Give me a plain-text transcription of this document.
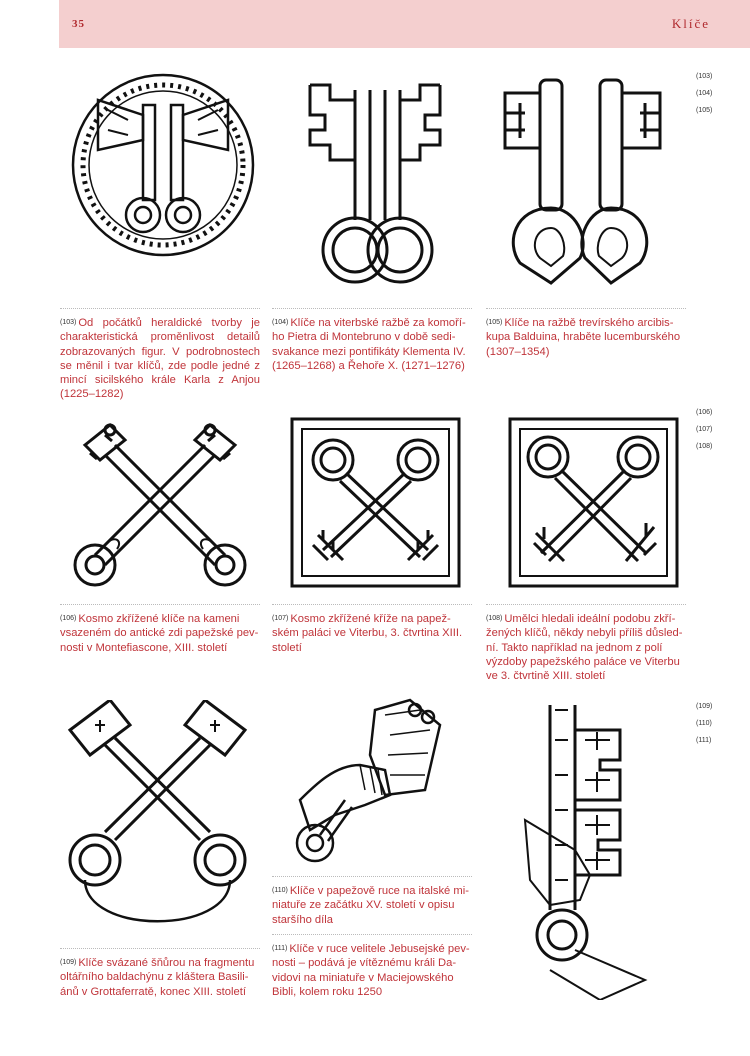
35	Klíče
(103)
(104)
(105)
(106)
(107)
(108)
(109)
(110)
(111)
(103) Od počátků heraldické tvorby je charakteristická proměnlivost detailů zobrazovaných figur. V podrobnostech se měnil i tvar klíčů, zde podle jedné z mincí sicilského krále Karla z Anjou (1225–1282)
(104) Klíče na viterbské ražbě za komořího Pietra di Montebruno v době sedisvakance mezi pontifikáty Klementa IV. (1265–1268) a Řehoře X. (1271–1276)
(105) Klíče na ražbě trevírského arcibiskupa Balduina, hraběte lucemburského (1307–1354)
(106) Kosmo zkřížené klíče na kameni vsazeném do antické zdi papežské pevnosti v Montefiascone, XIII. století
(107) Kosmo zkřížené kříže na papežském paláci ve Viterbu, 3. čtvrtina XIII. století
(108) Umělci hledali ideální podobu zkřížených klíčů, někdy nebyli příliš důslední. Takto například na jednom z polí výzdoby papežského paláce ve Viterbu ve 3. čtvrtině XIII. století
(110) Klíče v papežově ruce na italské miniatuře ze začátku XV. století v opisu staršího díla
(111) Klíče v ruce velitele Jebusejské pevnosti – podává je vítěznému králi Davidovi na miniatuře v Maciejowského Bibli, kolem roku 1250
(109) Klíče svázané šňůrou na fragmentu oltářního baldachýnu z kláštera Basiliánů v Grottaferratě, konec XIII. století
